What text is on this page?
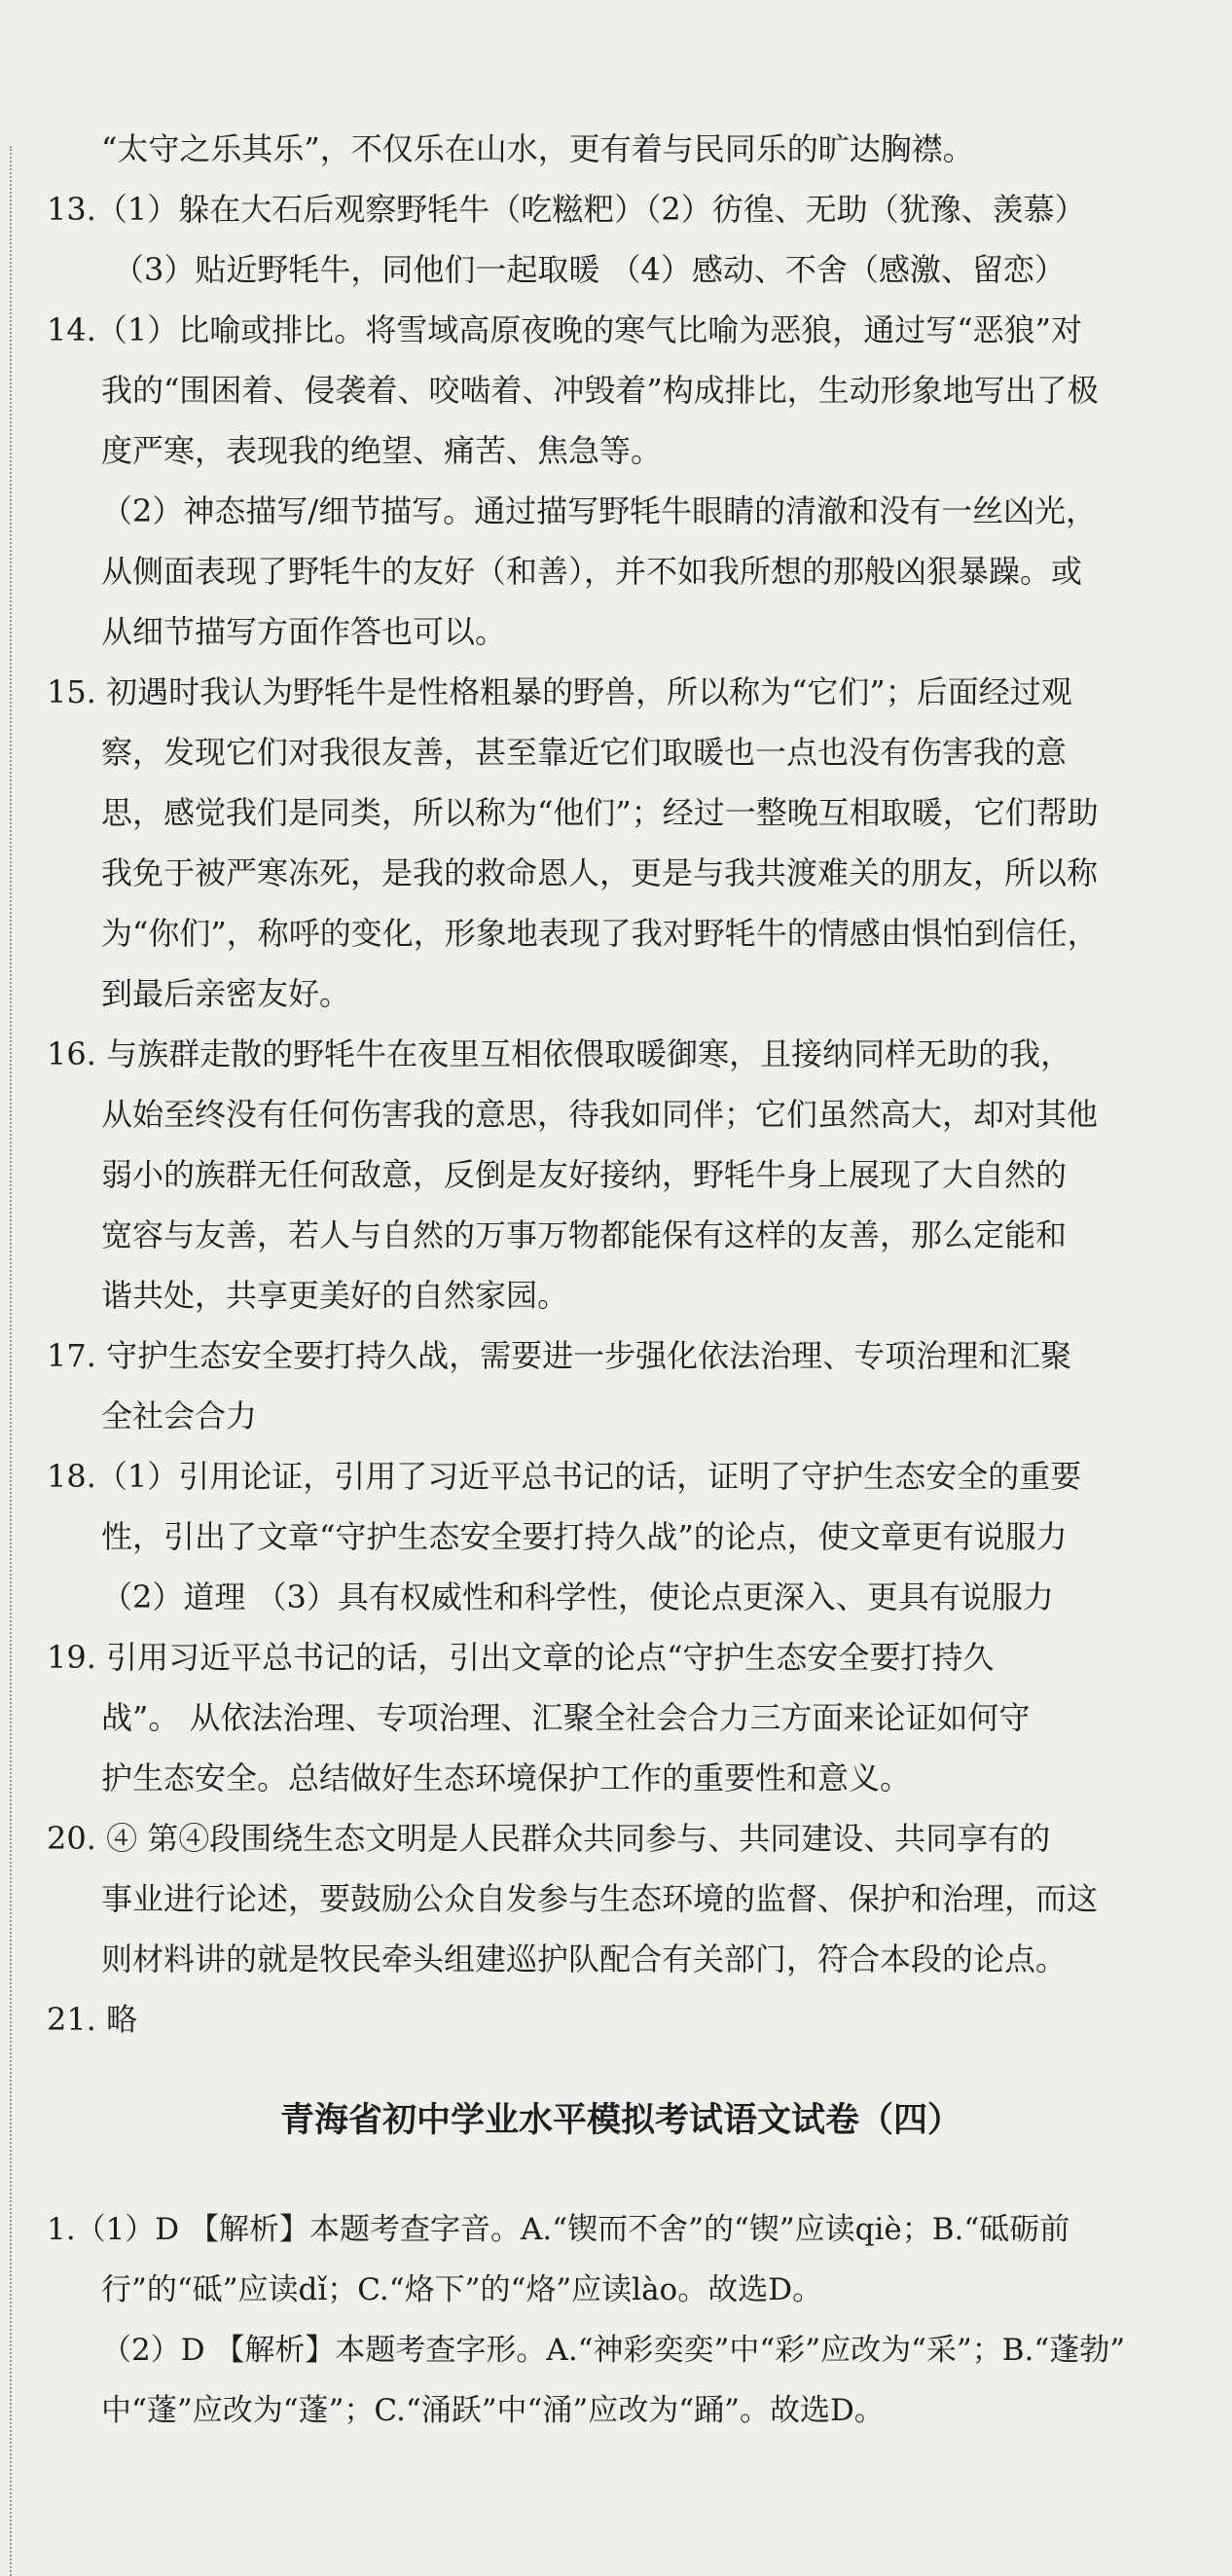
“太守之乐其乐”，不仅乐在山水，更有着与民同乐的旷达胸襟。
13.（1）躲在大石后观察野牦牛（吃糍粑）（2）彷徨、无助（犹豫、羡慕）
（3）贴近野牦牛，同他们一起取暖 （4）感动、不舍（感激、留恋）
14.（1）比喻或排比。将雪域高原夜晚的寒气比喻为恶狼，通过写“恶狼”对
我的“围困着、侵袭着、咬啮着、冲毁着”构成排比，生动形象地写出了极
度严寒，表现我的绝望、痛苦、焦急等。
（2）神态描写/细节描写。通过描写野牦牛眼睛的清澈和没有一丝凶光，
从侧面表现了野牦牛的友好（和善），并不如我所想的那般凶狠暴躁。或
从细节描写方面作答也可以。
15. 初遇时我认为野牦牛是性格粗暴的野兽，所以称为“它们”；后面经过观
察，发现它们对我很友善，甚至靠近它们取暖也一点也没有伤害我的意
思，感觉我们是同类，所以称为“他们”；经过一整晚互相取暖，它们帮助
我免于被严寒冻死，是我的救命恩人，更是与我共渡难关的朋友，所以称
为“你们”，称呼的变化，形象地表现了我对野牦牛的情感由惧怕到信任，
到最后亲密友好。
16. 与族群走散的野牦牛在夜里互相依偎取暖御寒，且接纳同样无助的我，
从始至终没有任何伤害我的意思，待我如同伴；它们虽然高大，却对其他
弱小的族群无任何敌意，反倒是友好接纳，野牦牛身上展现了大自然的
宽容与友善，若人与自然的万事万物都能保有这样的友善，那么定能和
谐共处，共享更美好的自然家园。
17. 守护生态安全要打持久战，需要进一步强化依法治理、专项治理和汇聚
全社会合力
18.（1）引用论证，引用了习近平总书记的话，证明了守护生态安全的重要
性，引出了文章“守护生态安全要打持久战”的论点，使文章更有说服力
（2）道理 （3）具有权威性和科学性，使论点更深入、更具有说服力
19. 引用习近平总书记的话，引出文章的论点“守护生态安全要打持久
战”。 从依法治理、专项治理、汇聚全社会合力三方面来论证如何守
护生态安全。总结做好生态环境保护工作的重要性和意义。
20. ④ 第④段围绕生态文明是人民群众共同参与、共同建设、共同享有的
事业进行论述，要鼓励公众自发参与生态环境的监督、保护和治理，而这
则材料讲的就是牧民牵头组建巡护队配合有关部门，符合本段的论点。
21. 略
青海省初中学业水平模拟考试语文试卷（四）
1.（1）D 【解析】本题考查字音。A.“锲而不舍”的“锲”应读qiè；B.“砥砺前
行”的“砥”应读dǐ；C.“烙下”的“烙”应读lào。故选D。
（2）D 【解析】本题考查字形。A.“神彩奕奕”中“彩”应改为“采”；B.“蓬勃”
中“蓬”应改为“蓬”；C.“涌跃”中“涌”应改为“踊”。故选D。
